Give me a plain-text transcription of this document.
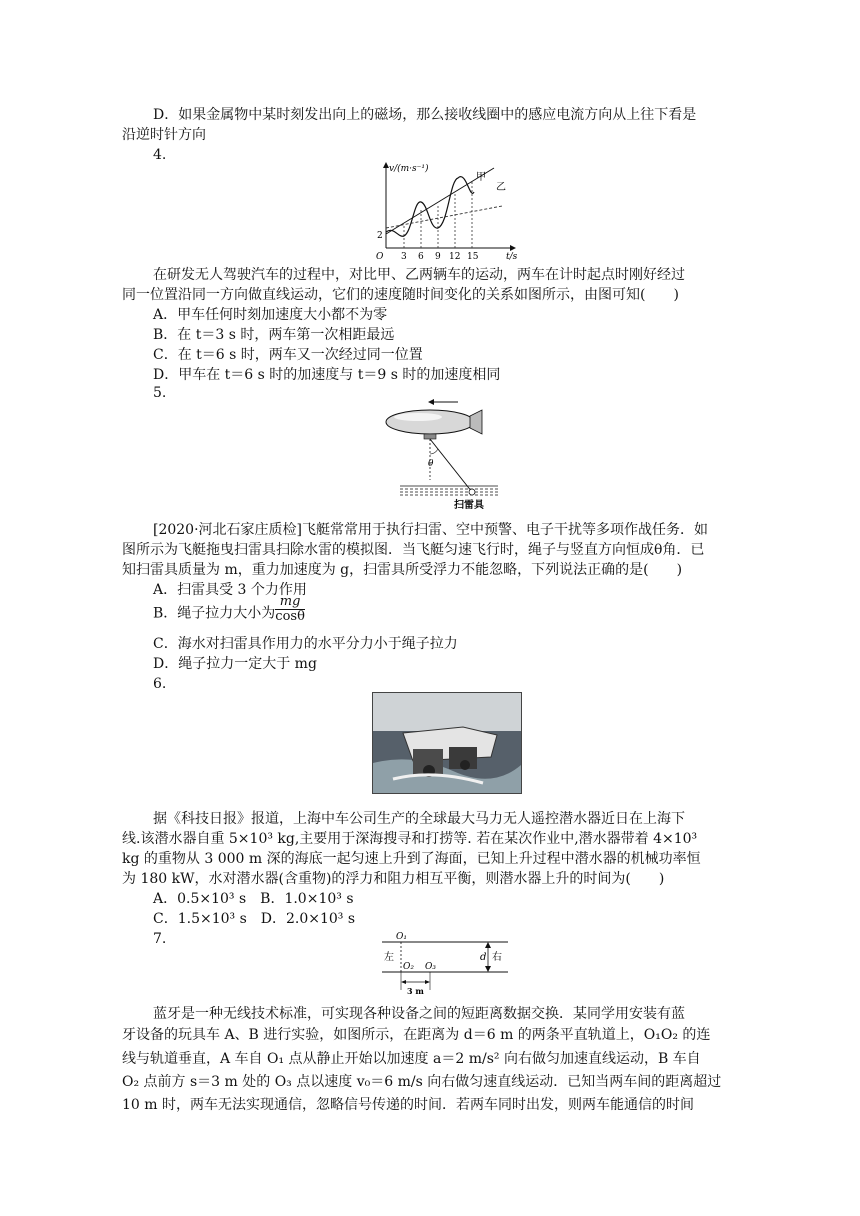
D．如果金属物中某时刻发出向上的磁场，那么接收线圈中的感应电流方向从上往下看是
沿逆时针方向
4.
v/(m·s⁻¹)
t/s
O
2
3 6 9 12 15
甲
乙
在研发无人驾驶汽车的过程中，对比甲、乙两辆车的运动，两车在计时起点时刚好经过
同一位置沿同一方向做直线运动，它们的速度随时间变化的关系如图所示，由图可知(　　)
A．甲车任何时刻加速度大小都不为零
B．在 t＝3 s 时，两车第一次相距最远
C．在 t＝6 s 时，两车又一次经过同一位置
D．甲车在 t＝6 s 时的加速度与 t＝9 s 时的加速度相同
5.
θ
扫雷具
[2020·河北石家庄质检]飞艇常常用于执行扫雷、空中预警、电子干扰等多项作战任务．如
图所示为飞艇拖曳扫雷具扫除水雷的模拟图．当飞艇匀速飞行时，绳子与竖直方向恒成θ角．已
知扫雷具质量为 m，重力加速度为 g，扫雷具所受浮力不能忽略，下列说法正确的是(　　)
A．扫雷具受 3 个力作用
B．绳子拉力大小为 $\frac{mg}{\cos\theta}$
C．海水对扫雷具作用力的水平分力小于绳子拉力
D．绳子拉力一定大于 mg
6.
据《科技日报》报道，上海中车公司生产的全球最大马力无人遥控潜水器近日在上海下
线.该潜水器自重 5×10³ kg,主要用于深海搜寻和打捞等. 若在某次作业中,潜水器带着 4×10³
kg 的重物从 3 000 m 深的海底一起匀速上升到了海面，已知上升过程中潜水器的机械功率恒
为 180 kW，水对潜水器(含重物)的浮力和阻力相互平衡，则潜水器上升的时间为(　　)
A．0.5×10³ s　B．1.0×10³ s
C．1.5×10³ s　D．2.0×10³ s
7.	O₁
O₂ O₃
左	d 右
3 m
蓝牙是一种无线技术标准，可实现各种设备之间的短距离数据交换．某同学用安装有蓝
牙设备的玩具车 A、B 进行实验，如图所示，在距离为 d＝6 m 的两条平直轨道上，O₁O₂ 的连
线与轨道垂直，A 车自 O₁ 点从静止开始以加速度 a＝2 m/s² 向右做匀加速直线运动，B 车自
O₂ 点前方 s＝3 m 处的 O₃ 点以速度 v₀＝6 m/s 向右做匀速直线运动．已知当两车间的距离超过
10 m 时，两车无法实现通信，忽略信号传递的时间．若两车同时出发，则两车能通信的时间
